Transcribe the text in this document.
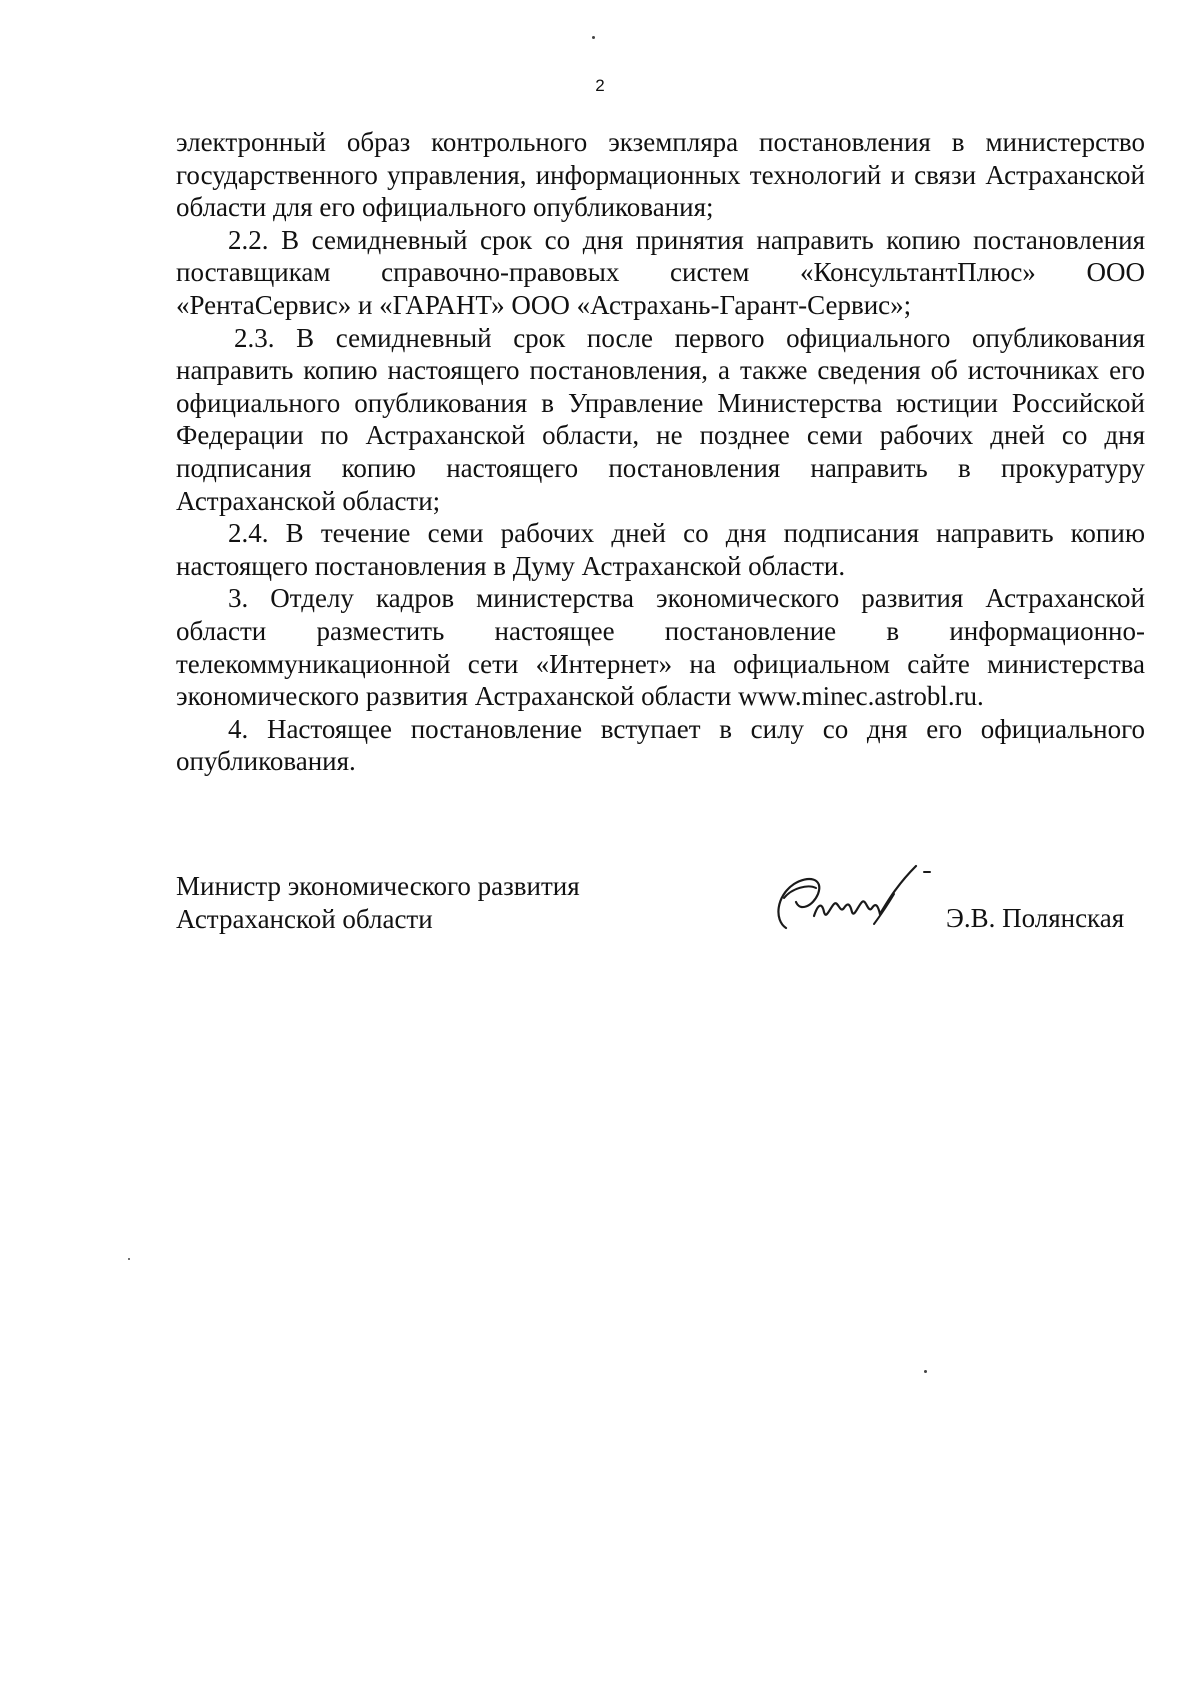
2

электронный образ контрольного экземпляра постановления в министерство государственного управления, информационных технологий и связи Астраханской области для его официального опубликования;

2.2. В семидневный срок со дня принятия направить копию постановления поставщикам справочно-правовых систем «КонсультантПлюс» ООО «РентаСервис» и «ГАРАНТ» ООО «Астрахань-Гарант-Сервис»;

2.3. В семидневный срок после первого официального опубликования направить копию настоящего постановления, а также сведения об источниках его официального опубликования в Управление Министерства юстиции Российской Федерации по Астраханской области, не позднее семи рабочих дней со дня подписания копию настоящего постановления направить в прокуратуру Астраханской области;

2.4. В течение семи рабочих дней со дня подписания направить копию настоящего постановления в Думу Астраханской области.

3. Отделу кадров министерства экономического развития Астраханской области разместить настоящее постановление в информационно-телекоммуникационной сети «Интернет» на официальном сайте министерства экономического развития Астраханской области www.minec.astrobl.ru.

4. Настоящее постановление вступает в силу со дня его официального опубликования.

Министр экономического развития
Астраханской области	Э.В. Полянская
